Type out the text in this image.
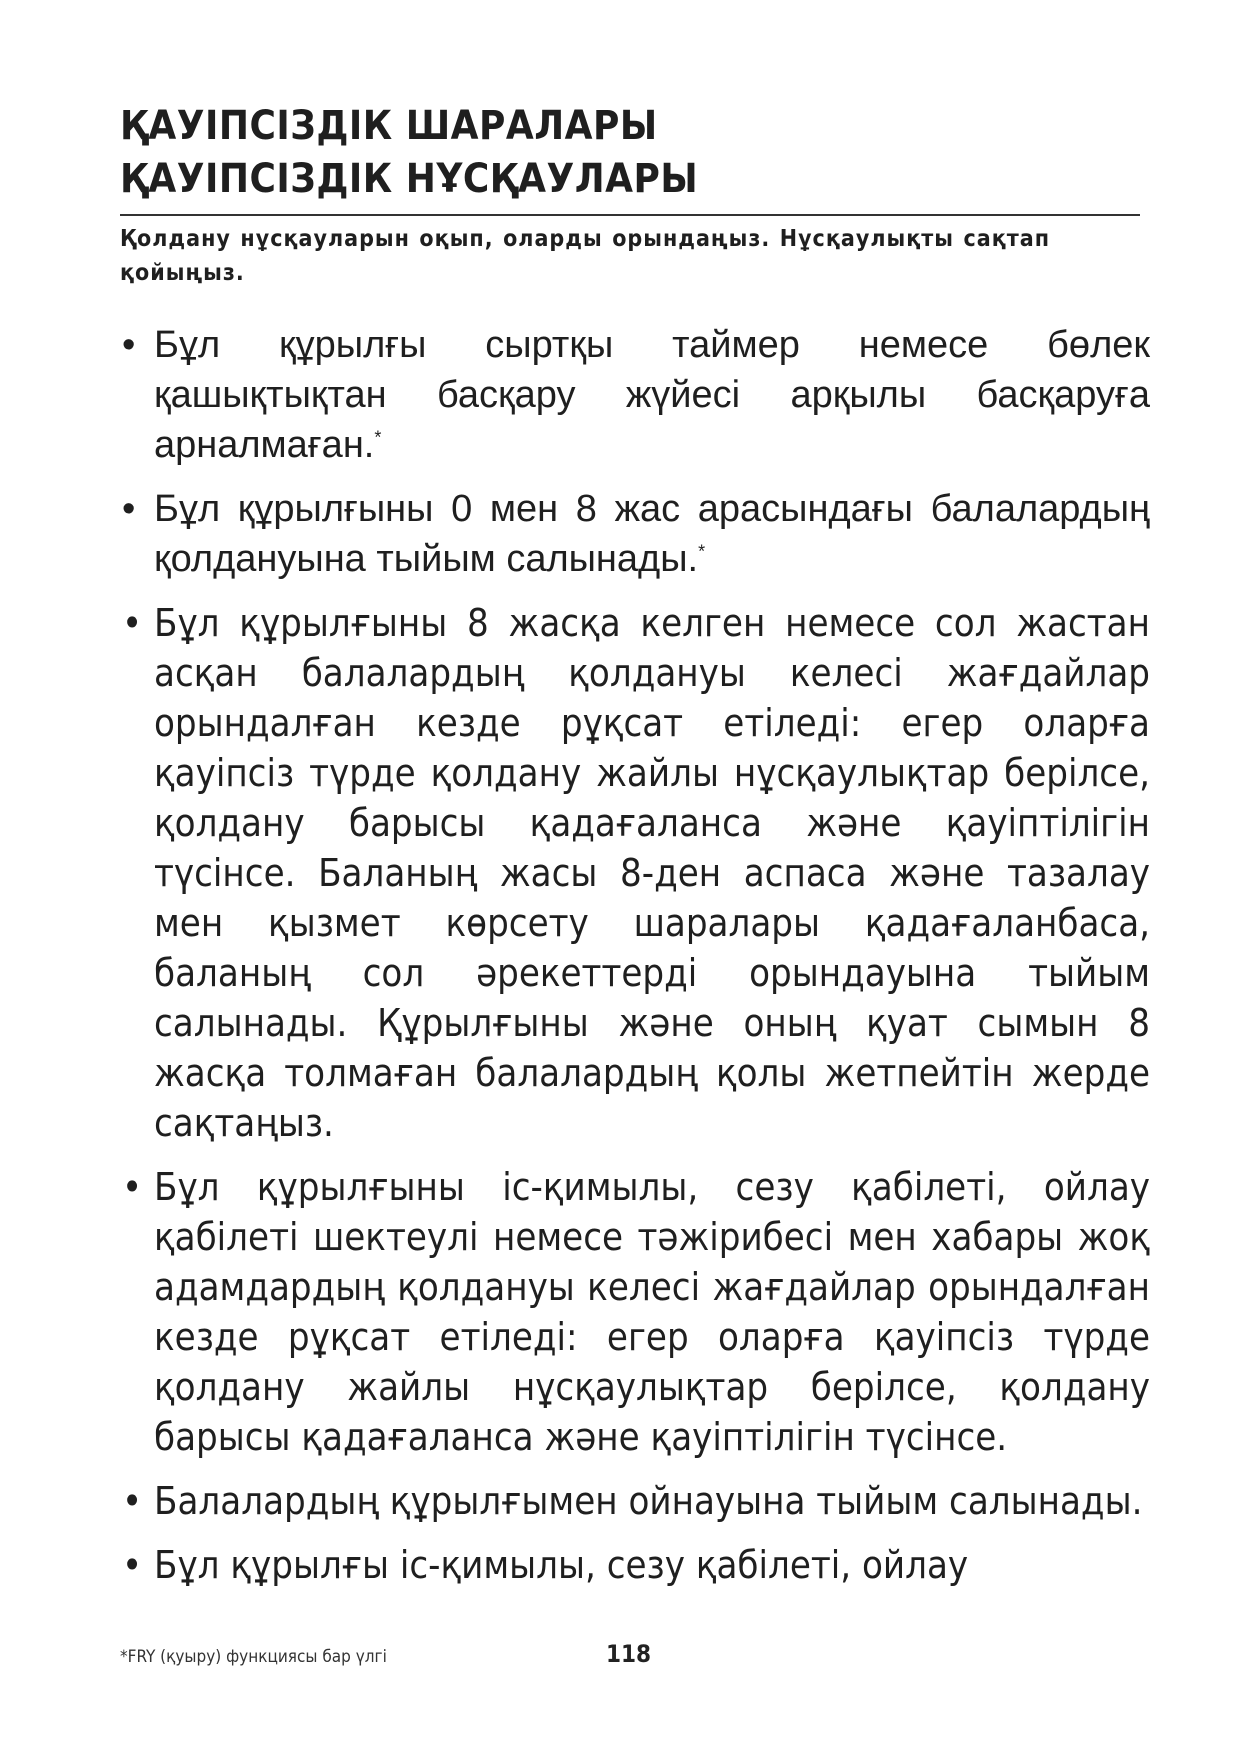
ҚАУІПСІЗДІК ШАРАЛАРЫ
ҚАУІПСІЗДІК НҰСҚАУЛАРЫ

Қолдану нұсқауларын оқып, оларды орындаңыз. Нұсқаулықты сақтап қойыңыз.

• Бұл құрылғы сыртқы таймер немесе бөлек қашықтықтан басқару жүйесі арқылы басқаруға арналмаған.*
• Бұл құрылғыны 0 мен 8 жас арасындағы балалардың қолдануына тыйым салынады.*
• Бұл құрылғыны 8 жасқа келген немесе сол жастан асқан балалардың қолдануы келесі жағдайлар орындалған кезде рұқсат етіледі: егер оларға қауіпсіз түрде қолдану жайлы нұсқаулықтар берілсе, қолдану барысы қадағаланса және қауіптілігін түсінсе. Баланың жасы 8-ден аспаса және тазалау мен қызмет көрсету шаралары қадағаланбаса, баланың сол әрекеттерді орындауына тыйым салынады. Құрылғыны және оның қуат сымын 8 жасқа толмаған балалардың қолы жетпейтін жерде сақтаңыз.
• Бұл құрылғыны іс-қимылы, сезу қабілеті, ойлау қабілеті шектеулі немесе тәжірибесі мен хабары жоқ адамдардың қолдануы келесі жағдайлар орындалған кезде рұқсат етіледі: егер оларға қауіпсіз түрде қолдану жайлы нұсқаулықтар берілсе, қолдану барысы қадағаланса және қауіптілігін түсінсе.
• Балалардың құрылғымен ойнауына тыйым салынады.
• Бұл құрылғы іс-қимылы, сезу қабілеті, ойлау

*FRY (қуыру) функциясы бар үлгі	118
